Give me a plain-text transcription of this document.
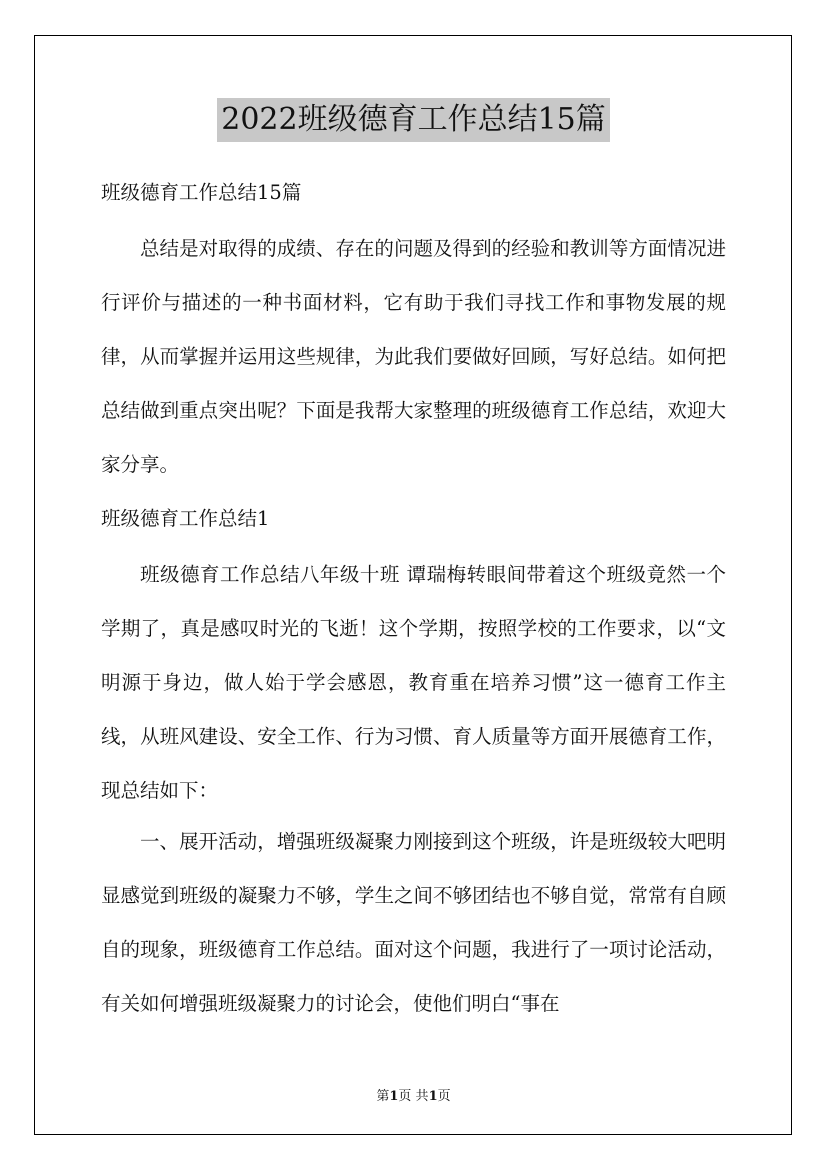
2022班级德育工作总结15篇

班级德育工作总结15篇

总结是对取得的成绩、存在的问题及得到的经验和教训等方面情况进行评价与描述的一种书面材料，它有助于我们寻找工作和事物发展的规律，从而掌握并运用这些规律，为此我们要做好回顾，写好总结。如何把总结做到重点突出呢？下面是我帮大家整理的班级德育工作总结，欢迎大家分享。

班级德育工作总结1

班级德育工作总结八年级十班 谭瑞梅转眼间带着这个班级竟然一个学期了，真是感叹时光的飞逝！这个学期，按照学校的工作要求，以“文明源于身边，做人始于学会感恩，教育重在培养习惯”这一德育工作主线，从班风建设、安全工作、行为习惯、育人质量等方面开展德育工作，现总结如下：

一、展开活动，增强班级凝聚力刚接到这个班级，许是班级较大吧明显感觉到班级的凝聚力不够，学生之间不够团结也不够自觉，常常有自顾自的现象，班级德育工作总结。面对这个问题，我进行了一项讨论活动，有关如何增强班级凝聚力的讨论会，使他们明白“事在

第1页 共1页
